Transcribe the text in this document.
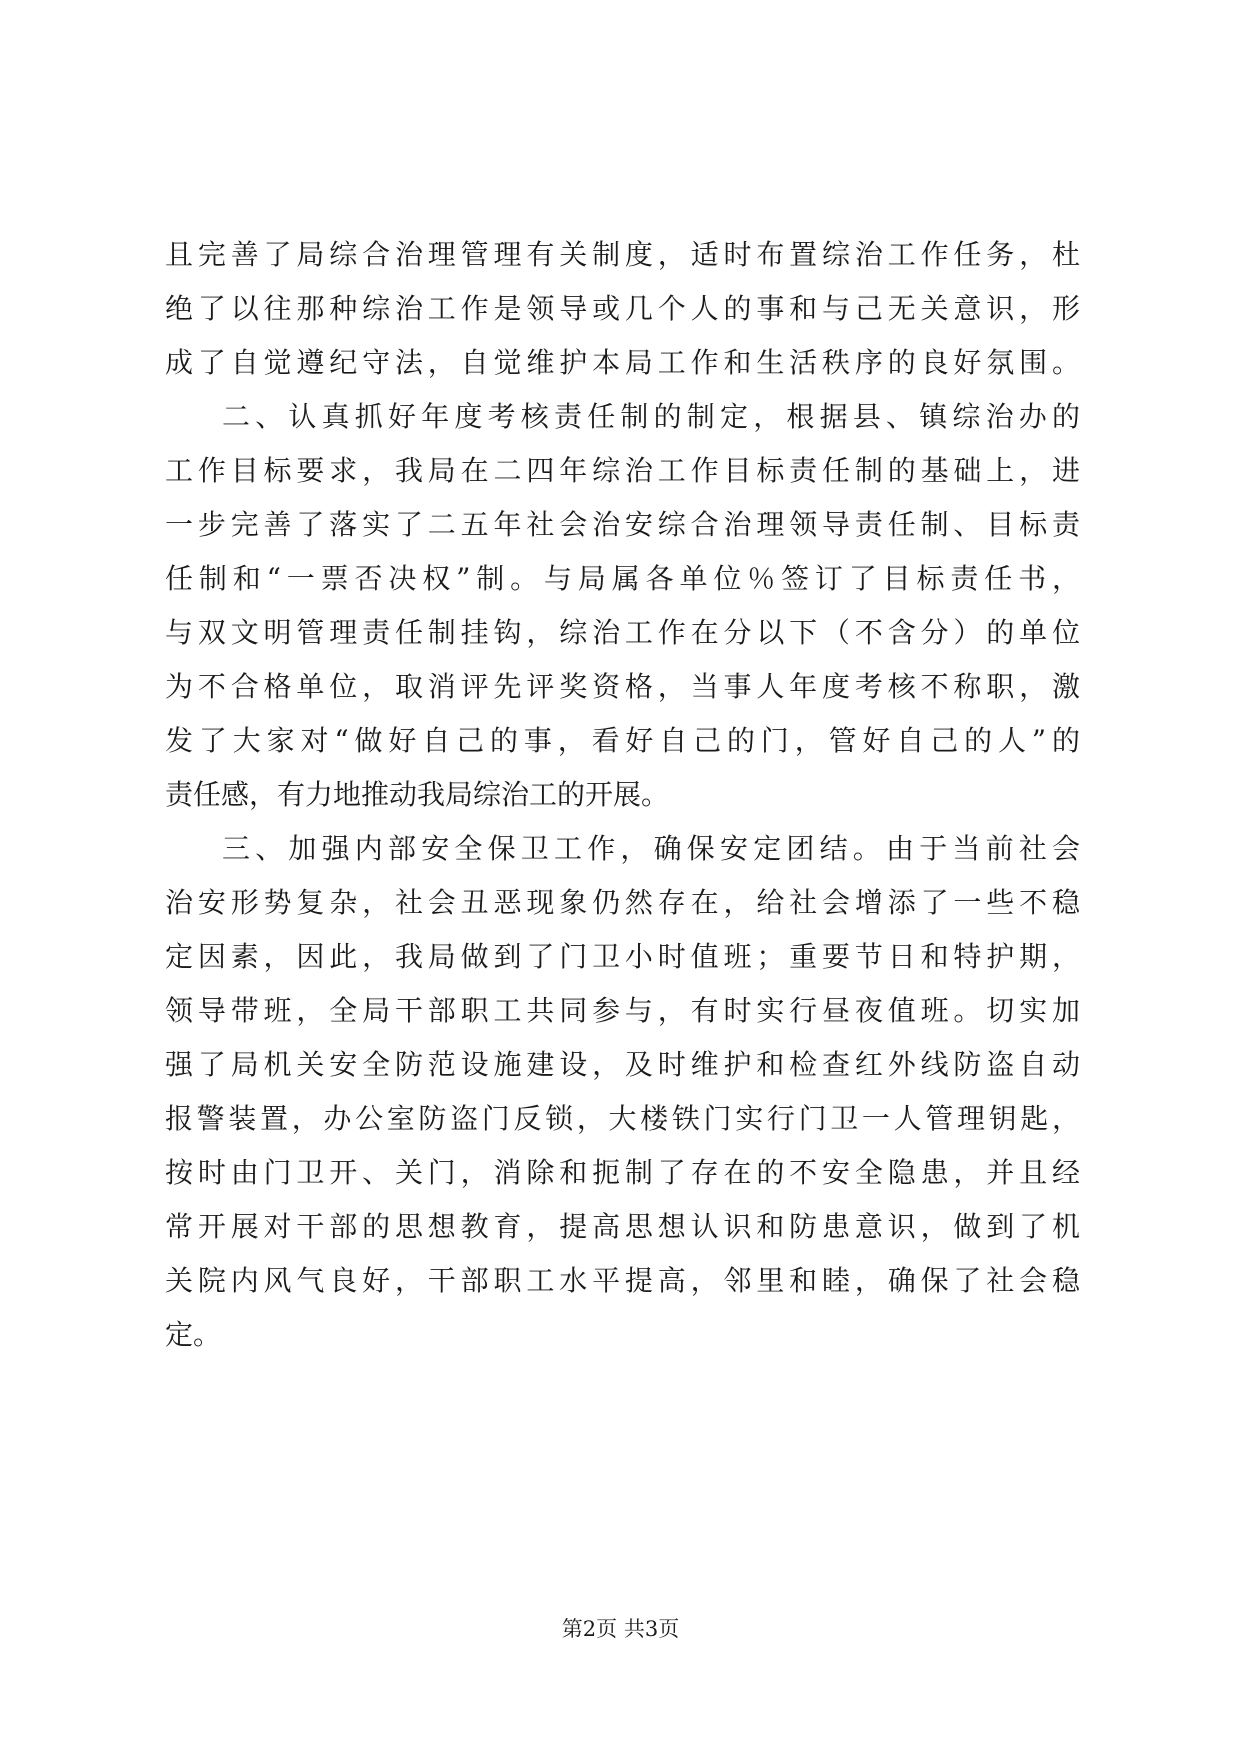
且完善了局综合治理管理有关制度，适时布置综治工作任务，杜
绝了以往那种综治工作是领导或几个人的事和与己无关意识，形
成了自觉遵纪守法，自觉维护本局工作和生活秩序的良好氛围。
二、认真抓好年度考核责任制的制定，根据县、镇综治办的
工作目标要求，我局在二四年综治工作目标责任制的基础上，进
一步完善了落实了二五年社会治安综合治理领导责任制、目标责
任制和“一票否决权”制。与局属各单位％签订了目标责任书，
与双文明管理责任制挂钩，综治工作在分以下（不含分）的单位
为不合格单位，取消评先评奖资格，当事人年度考核不称职，激
发了大家对“做好自己的事，看好自己的门，管好自己的人”的
责任感，有力地推动我局综治工的开展。
三、加强内部安全保卫工作，确保安定团结。由于当前社会
治安形势复杂，社会丑恶现象仍然存在，给社会增添了一些不稳
定因素，因此，我局做到了门卫小时值班；重要节日和特护期，
领导带班，全局干部职工共同参与，有时实行昼夜值班。切实加
强了局机关安全防范设施建设，及时维护和检查红外线防盗自动
报警装置，办公室防盗门反锁，大楼铁门实行门卫一人管理钥匙，
按时由门卫开、关门，消除和扼制了存在的不安全隐患，并且经
常开展对干部的思想教育，提高思想认识和防患意识，做到了机
关院内风气良好，干部职工水平提高，邻里和睦，确保了社会稳
定。
第2页 共3页
